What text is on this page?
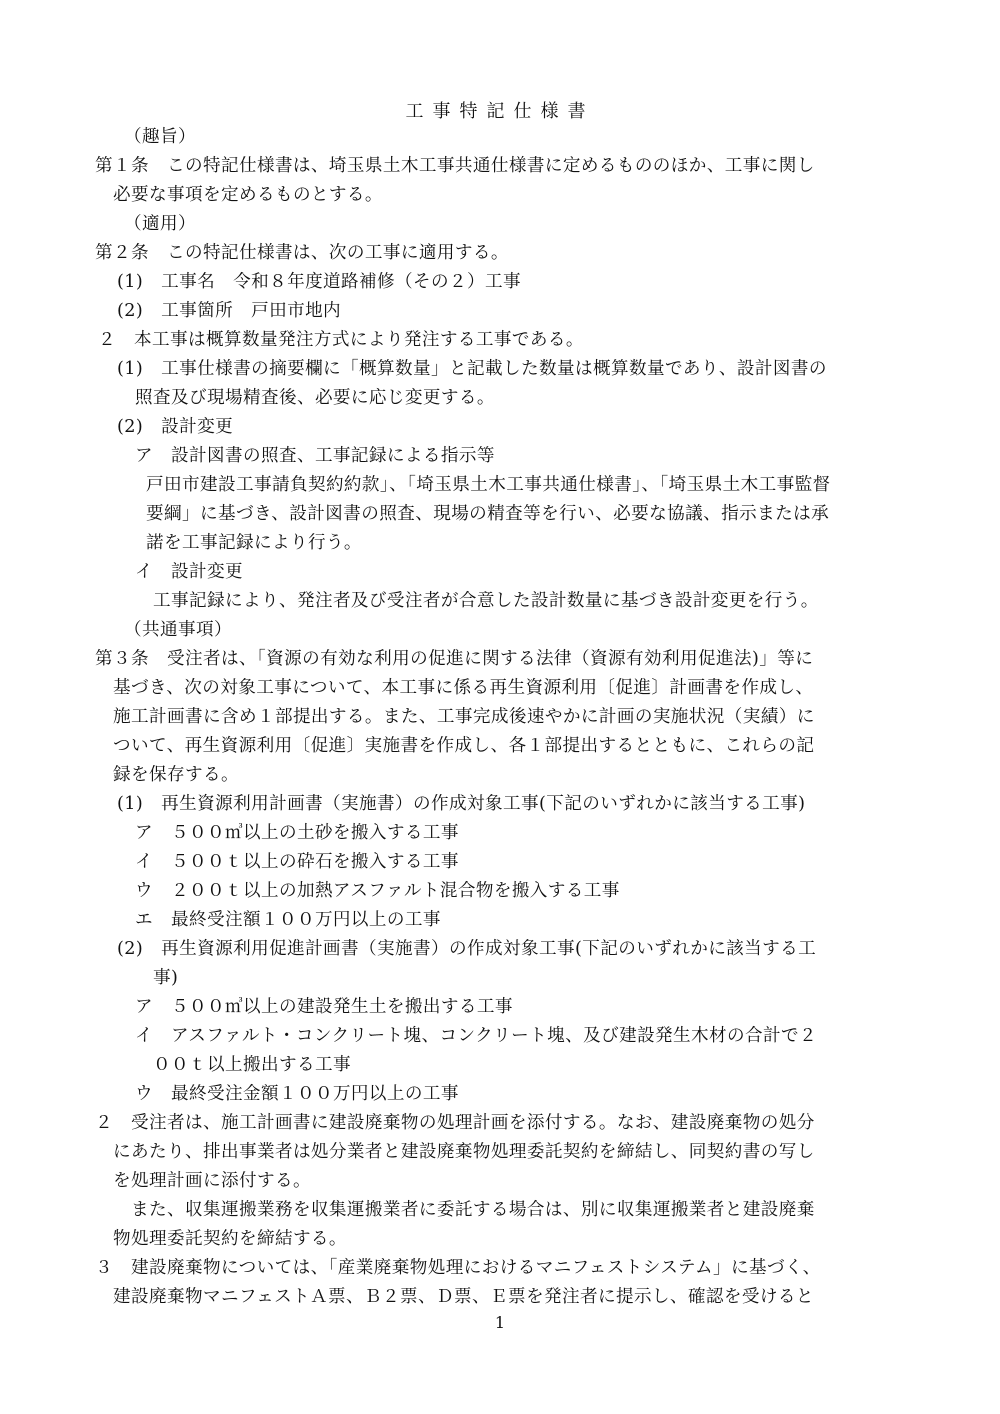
工事特記仕様書
（趣旨）
第１条　この特記仕様書は、埼玉県土木工事共通仕様書に定めるもののほか、工事に関し
必要な事項を定めるものとする。
（適用）
第２条　この特記仕様書は、次の工事に適用する。
(1)　工事名　令和８年度道路補修（その２）工事
(2)　工事箇所　戸田市地内
２　本工事は概算数量発注方式により発注する工事である。
(1)　工事仕様書の摘要欄に「概算数量」と記載した数量は概算数量であり、設計図書の
照査及び現場精査後、必要に応じ変更する。
(2)　設計変更
ア　設計図書の照査、工事記録による指示等
戸田市建設工事請負契約約款」、「埼玉県土木工事共通仕様書」、「埼玉県土木工事監督
要綱」に基づき、設計図書の照査、現場の精査等を行い、必要な協議、指示または承
諾を工事記録により行う。
イ　設計変更
工事記録により、発注者及び受注者が合意した設計数量に基づき設計変更を行う。
（共通事項）
第３条　受注者は、「資源の有効な利用の促進に関する法律（資源有効利用促進法)」等に
基づき、次の対象工事について、本工事に係る再生資源利用〔促進〕計画書を作成し、
施工計画書に含め１部提出する。また、工事完成後速やかに計画の実施状況（実績）に
ついて、再生資源利用〔促進〕実施書を作成し、各１部提出するとともに、これらの記
録を保存する。
(1)　再生資源利用計画書（実施書）の作成対象工事(下記のいずれかに該当する工事)
ア　５００㎥以上の土砂を搬入する工事
イ　５００ｔ以上の砕石を搬入する工事
ウ　２００ｔ以上の加熱アスファルト混合物を搬入する工事
エ　最終受注額１００万円以上の工事
(2)　再生資源利用促進計画書（実施書）の作成対象工事(下記のいずれかに該当する工
事)
ア　５００㎥以上の建設発生土を搬出する工事
イ　アスファルト・コンクリート塊、コンクリート塊、及び建設発生木材の合計で２
００ｔ以上搬出する工事
ウ　最終受注金額１００万円以上の工事
２　受注者は、施工計画書に建設廃棄物の処理計画を添付する。なお、建設廃棄物の処分
にあたり、排出事業者は処分業者と建設廃棄物処理委託契約を締結し、同契約書の写し
を処理計画に添付する。
また、収集運搬業務を収集運搬業者に委託する場合は、別に収集運搬業者と建設廃棄
物処理委託契約を締結する。
３　建設廃棄物については、「産業廃棄物処理におけるマニフェストシステム」に基づく、
建設廃棄物マニフェストＡ票、Ｂ２票、Ｄ票、Ｅ票を発注者に提示し、確認を受けると
1
